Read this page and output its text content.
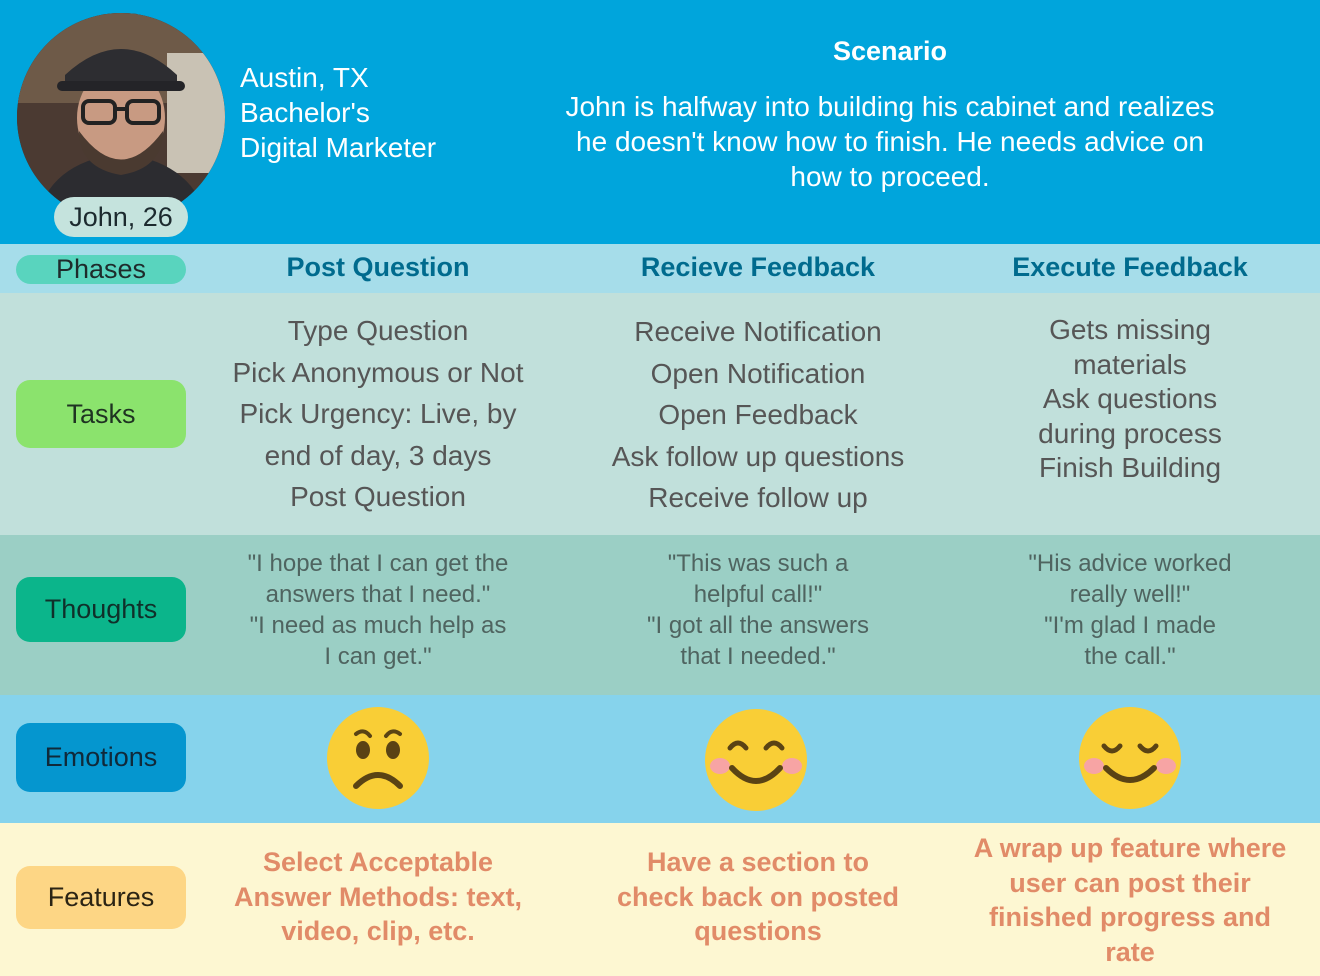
John, 26
Austin, TX
Bachelor's
Digital Marketer
Scenario
John is halfway into building his cabinet and realizes he doesn't know how to finish. He needs advice on how to proceed.
Phases
Tasks
Thoughts
Emotions
Features
Post Question	Recieve Feedback	Execute Feedback
Type Question
Pick Anonymous or Not
Pick Urgency: Live, by
end of day, 3 days
Post Question
Receive Notification
Open Notification
Open Feedback
Ask follow up questions
Receive follow up
Gets missing
materials
Ask questions
during process
Finish Building
"I hope that I can get the
answers that I need."
"I need as much help as
I can get."
"This was such a
helpful call!"
"I got all the answers
that I needed."
"His advice worked
really well!"
"I'm glad I made
the call."
Select Acceptable
Answer Methods: text,
video, clip, etc.
Have a section to
check back on posted
questions
A wrap up feature where
user can post their
finished progress and
rate
